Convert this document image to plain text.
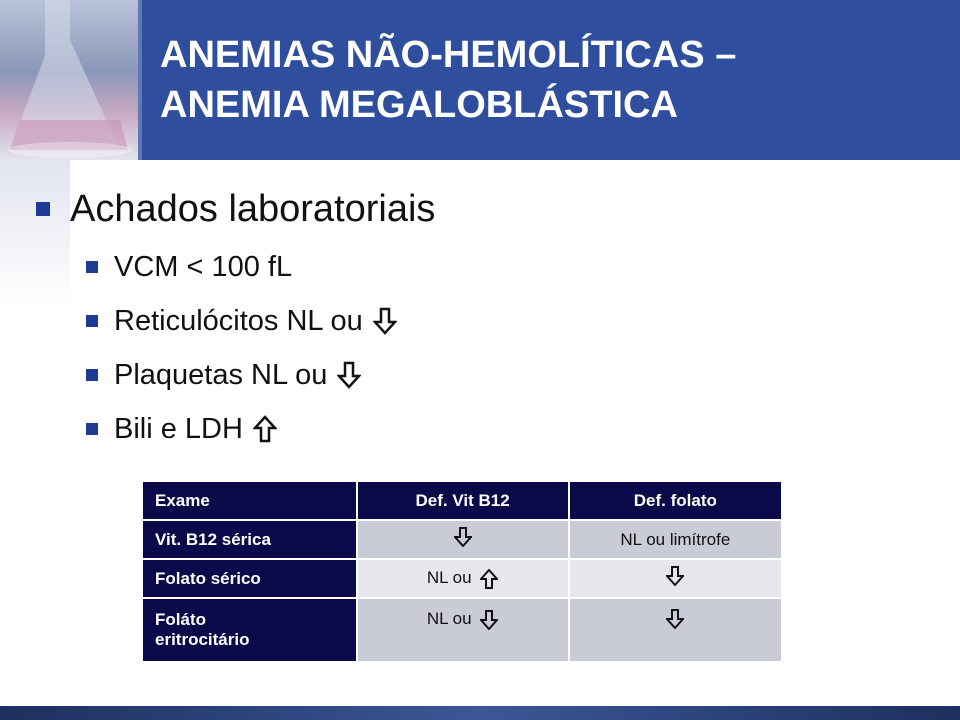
ANEMIAS NÃO-HEMOLÍTICAS –
ANEMIA MEGALOBLÁSTICA
Achados laboratoriais
VCM < 100 fL
Reticulócitos NL ou
Plaquetas NL ou
Bili e LDH
Exame	Def. Vit B12	Def. folato
Vit. B12 sérica		NL ou limítrofe
Folato sérico	NL ou	

Foláto
eritrocitário	NL ou	
